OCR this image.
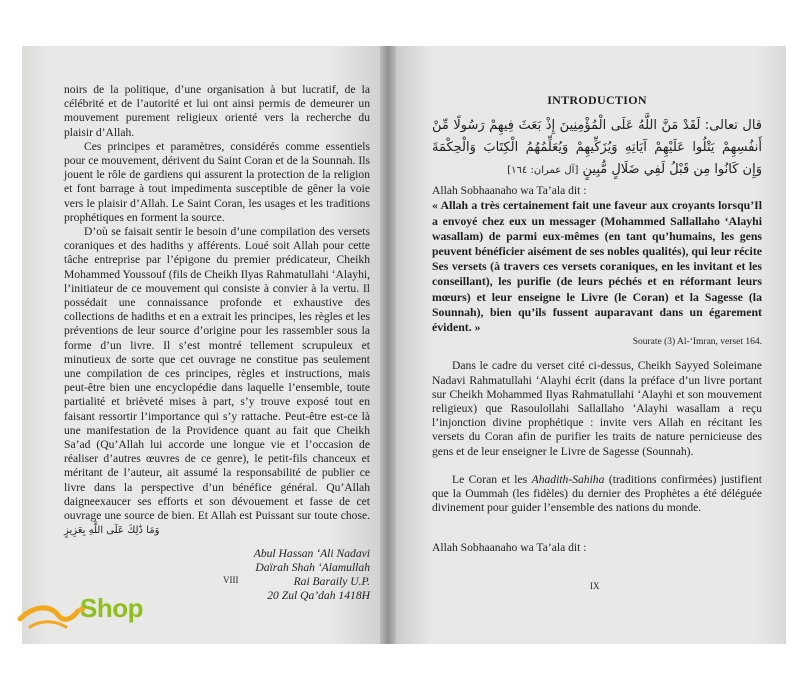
noirs de la politique, d’une organisation à but lucratif, de la célébrité et de l’autorité et lui ont ainsi permis de demeurer un mouvement purement religieux orienté vers la recherche du plaisir d’Allah.

Ces principes et paramètres, considérés comme essentiels pour ce mouvement, dérivent du Saint Coran et de la Sounnah. Ils jouent le rôle de gardiens qui assurent la protection de la religion et font barrage à tout impedimenta susceptible de gêner la voie vers le plaisir d’Allah. Le Saint Coran, les usages et les traditions prophétiques en forment la source.

D’où se faisait sentir le besoin d’une compilation des versets coraniques et des hadiths y afférents. Loué soit Allah pour cette tâche entreprise par l’épigone du premier prédicateur, Cheikh Mohammed Youssouf (fils de Cheikh Ilyas Rahmatullahi ‘Alayhi, l’initiateur de ce mouvement qui consiste à convier à la vertu. Il possédait une connaissance profonde et exhaustive des collections de hadiths et en a extrait les principes, les règles et les préventions de leur source d’origine pour les rassembler sous la forme d’un livre. Il s’est montré tellement scrupuleux et minutieux de sorte que cet ouvrage ne constitue pas seulement une compilation de ces principes, règles et instructions, mais peut-être bien une encyclopédie dans laquelle l’ensemble, toute partialité et brièveté mises à part, s’y trouve exposé tout en faisant ressortir l’importance qui s’y rattache. Peut-être est-ce là une manifestation de la Providence quant au fait que Cheikh Sa’ad (Qu’Allah lui accorde une longue vie et l’occasion de réaliser d’autres œuvres de ce genre), le petit-fils chanceux et méritant de l’auteur, ait assumé la responsabilité de publier ce livre dans la perspective d’un bénéfice général. Qu’Allah daigneexaucer ses efforts et son dévouement et fasse de cet ouvrage une source de bien. Et Allah est Puissant sur toute chose. وَمَا ذَٰلِكَ عَلَى اللَّهِ بِعَزِيزٍ

Abul Hassan ‘Ali Nadavi
Daïrah Shah ‘Alamullah
Rai Baraily U.P.
20 Zul Qa’dah 1418H

VIII

INTRODUCTION

قال تعالى: لَقَدْ مَنَّ اللَّهُ عَلَى الْمُؤْمِنِينَ إِذْ بَعَثَ فِيهِمْ رَسُولًا مِّنْ أَنفُسِهِمْ يَتْلُوا عَلَيْهِمْ آيَاتِهِ وَيُزَكِّيهِمْ وَيُعَلِّمُهُمُ الْكِتَابَ وَالْحِكْمَةَ وَإِن كَانُوا مِن قَبْلُ لَفِي ضَلَالٍ مُّبِينٍ [آل عمران: ١٦٤]

Allah Sobhaanaho wa Ta’ala dit :

« Allah a très certainement fait une faveur aux croyants lorsqu’Il a envoyé chez eux un messager (Mohammed Sallallaho ‘Alayhi wasallam) de parmi eux-mêmes (en tant qu’humains, les gens peuvent bénéficier aisément de ses nobles qualités), qui leur récite Ses versets (à travers ces versets coraniques, en les invitant et les conseillant), les purifie (de leurs péchés et en réformant leurs mœurs) et leur enseigne le Livre (le Coran) et la Sagesse (la Sounnah), bien qu’ils fussent auparavant dans un égarement évident. »

Sourate (3) Al-‘Imran, verset 164.

Dans le cadre du verset cité ci-dessus, Cheikh Sayyed Soleimane Nadavi Rahmatullahi ‘Alayhi écrit (dans la préface d’un livre portant sur Cheikh Mohammed Ilyas Rahmatullahi ‘Alayhi et son mouvement religieux) que Rasoulollahi Sallallaho ‘Alayhi wasallam a reçu l’injonction divine prophétique : invite vers Allah en récitant les versets du Coran afin de purifier les traits de nature pernicieuse des gens et de leur enseigner le Livre de Sagesse (Sounnah).

Le Coran et les Ahadith-Sahiha (traditions confirmées) justifient que la Oummah (les fidèles) du dernier des Prophètes a été déléguée divinement pour guider l’ensemble des nations du monde.

Allah Sobhaanaho wa Ta’ala dit :

IX
Shop
